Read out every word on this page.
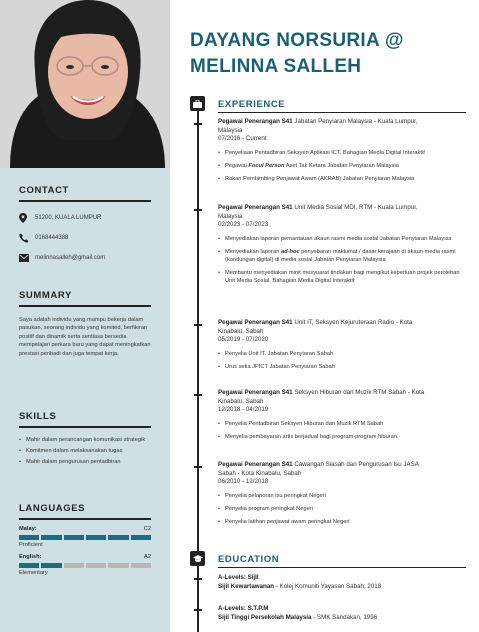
CONTACT
51200, KUALA LUMPUR
0168444388
melinnasalleh@gmail.com
SUMMARY
Saya adalah individu yang mampu bekerja dalam pasukan, seorang individu yang komited, berfikiran positif dan dinamik serta sentiasa bersedia mempelajari perkara baru yang dapat meningkatkan prestasi peribadi dan juga tempat kerja.
SKILLS
• Mahir dalam perancangan komunikasi strategik
• Komitmen dalam melaksanakan tugas
• Mahir dalam pengurusan pentadbiran
LANGUAGES
Malay:	C2
Proficient
English:	A2
Elementary
DAYANG NORSURIA @
MELINNA SALLEH
EXPERIENCE
Pegawai Penerangan S41 Jabatan Penyiaran Malaysia - Kuala Lumpur,
Malaysia
07/2016 - Current
• Penyeliaan Pentadbiran Seksyen Aplikasi ICT, Bahagian Media Digital Interaktif
• Pegawai Focul Person Aset Tak Ketara Jabatan Penyiaran Malaysia
• Rakan Pembimbing Penjawat Awam (AKRAB) Jabatan Penyiaran Malaysia
Pegawai Penerangan S41 Unit Media Sosial MDI, RTM - Kuala Lumpur,
Malaysia
02/2023 - 07/2023
• Menyediakan laporan pemantauan akaun rasmi media sosial Jabatan Penyiaran Malaysia
• Menyediakan laporan ad-hoc penyebaran maklumat / dasar kerajaan di akaun media rasmi (kandungan digital) di media sosial Jabatan Penyiaran Malaysia
• Membantu menyediakan minit mesyuarat tindakan bagi mengikut keperluan projek perolehan Unit Media Sosial, Bahagian Media Digital Interaktif
Pegawai Penerangan S41 Unit IT, Seksyen Kejuruteraan Radio - Kota
Kinabalu, Sabah
05/2019 - 07/2020
• Penyelia Unit IT, Jabatan Penyiaran Sabah
• Urus setia JPICT Jabatan Penyiaran Sabah
Pegawai Penerangan S41 Seksyen Hiburan dan Muzik RTM Sabah - Kota
Kinabalu, Sabah
12/2018 - 04/2019
• Penyelia Pentadbiran Seksyen Hiburan dan Muzik RTM Sabah
• Menyelia pembayaran artis berjadual bagi program-program hiburan.
Pegawai Penerangan S41 Cawangan Siasah dan Pengurusan Isu JASA
Sabah - Kota Kinabalu, Sabah
06/2010 - 12/2018
• Penyelia pelaporan isu peringkat Negeri
• Penyelia program peringkat Negeri
• Penyelia latihan penjawat awam peringkat Negeri
EDUCATION
A-Levels: SijIl
Sijil Kewartawanan - Kolej Komuniti Yayasan Sabah, 2018
A-Levels: S.T.P.M
Sijil Tinggi Persekolah Malaysia - SMK Sandakan, 1996
